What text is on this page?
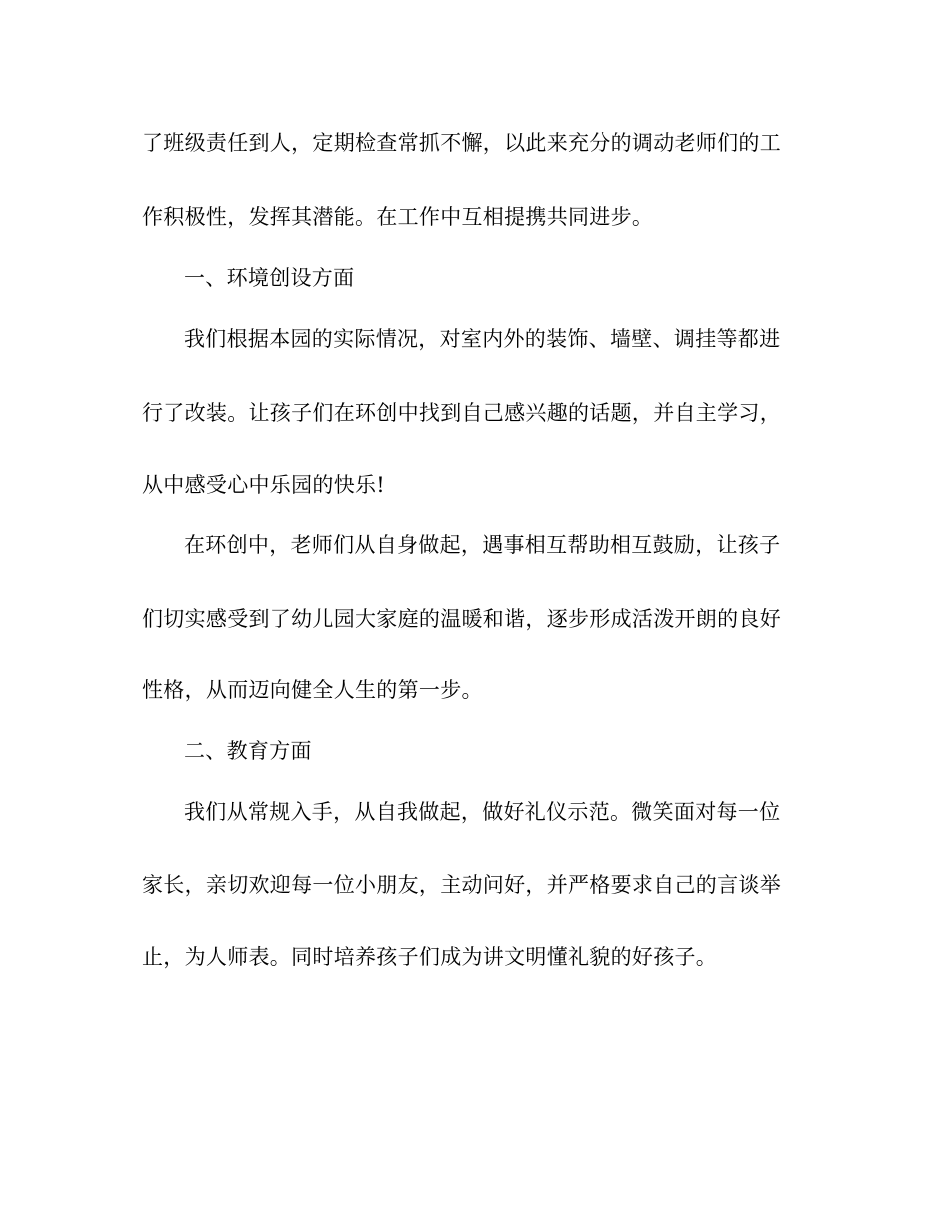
了班级责任到人，定期检查常抓不懈，以此来充分的调动老师们的工
作积极性，发挥其潜能。在工作中互相提携共同进步。
一、环境创设方面
我们根据本园的实际情况，对室内外的装饰、墙壁、调挂等都进
行了改装。让孩子们在环创中找到自己感兴趣的话题，并自主学习，
从中感受心中乐园的快乐!
在环创中，老师们从自身做起，遇事相互帮助相互鼓励，让孩子
们切实感受到了幼儿园大家庭的温暖和谐，逐步形成活泼开朗的良好
性格，从而迈向健全人生的第一步。
二、教育方面
我们从常规入手，从自我做起，做好礼仪示范。微笑面对每一位
家长，亲切欢迎每一位小朋友，主动问好，并严格要求自己的言谈举
止，为人师表。同时培养孩子们成为讲文明懂礼貌的好孩子。
